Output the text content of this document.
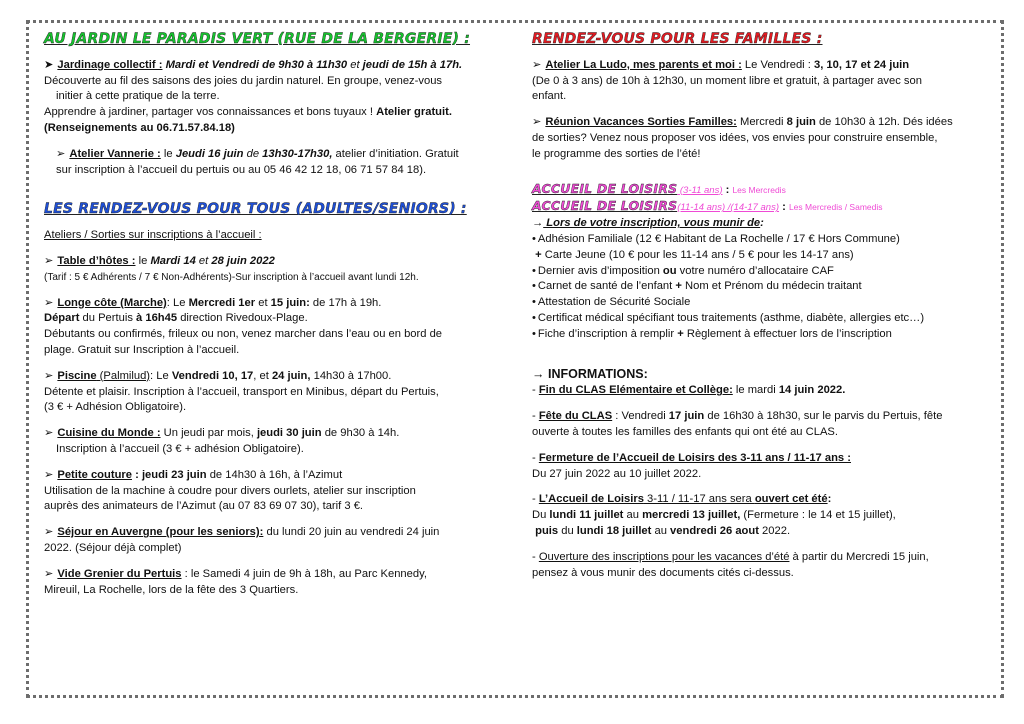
AU JARDIN LE PARADIS VERT (RUE DE LA BERGERIE) :

➤ Jardinage collectif : Mardi et Vendredi de 9h30 à 11h30 et jeudi de 15h à 17h.

Découverte au fil des saisons des joies du jardin naturel. En groupe, venez-vous

initier à cette pratique de la terre.

Apprendre à jardiner, partager vos connaissances et bons tuyaux ! Atelier gratuit.

(Renseignements au 06.71.57.84.18)

➢ Atelier Vannerie : le Jeudi 16 juin de 13h30-17h30, atelier d’initiation. Gratuit

sur inscription à l’accueil du pertuis ou au 05 46 42 12 18, 06 71 57 84 18).

LES RENDEZ-VOUS POUR TOUS (ADULTES/SENIORS) :

Ateliers / Sorties sur inscriptions à l’accueil :

➢ Table d’hôtes : le Mardi 14 et 28 juin 2022

(Tarif : 5 € Adhérents / 7 € Non-Adhérents)-Sur inscription à l’accueil avant lundi 12h.

➢ Longe côte (Marche): Le Mercredi 1er et 15 juin: de 17h à 19h.

Départ du Pertuis à 16h45 direction Rivedoux-Plage.

Débutants ou confirmés, frileux ou non, venez marcher dans l’eau ou en bord de

plage. Gratuit sur Inscription à l’accueil.

➢ Piscine (Palmilud): Le Vendredi 10, 17, et 24 juin, 14h30 à 17h00.

Détente et plaisir. Inscription à l’accueil, transport en Minibus, départ du Pertuis,

(3 € + Adhésion Obligatoire).

➢ Cuisine du Monde : Un jeudi par mois, jeudi 30 juin de 9h30 à 14h.

Inscription à l’accueil (3 € + adhésion Obligatoire).

➢ Petite couture : jeudi 23 juin de 14h30 à 16h, à l’Azimut

Utilisation de la machine à coudre pour divers ourlets, atelier sur inscription

auprès des animateurs de l’Azimut (au 07 83 69 07 30), tarif 3 €.

➢ Séjour en Auvergne (pour les seniors): du lundi 20 juin au vendredi 24 juin

2022. (Séjour déjà complet)

➢ Vide Grenier du Pertuis : le Samedi 4 juin de 9h à 18h, au Parc Kennedy,

Mireuil, La Rochelle, lors de la fête des 3 Quartiers.

RENDEZ-VOUS POUR LES FAMILLES :

➢ Atelier La Ludo, mes parents et moi : Le Vendredi : 3, 10, 17 et 24 juin

(De 0 à 3 ans) de 10h à 12h30, un moment libre et gratuit, à partager avec son

enfant.

➢ Réunion Vacances Sorties Familles: Mercredi 8 juin de 10h30 à 12h. Dés idées

de sorties? Venez nous proposer vos idées, vos envies pour construire ensemble,

le programme des sorties de l’été!

ACCUEIL DE LOISIRS (3-11 ans) : Les Mercredis

ACCUEIL DE LOISIRS(11-14 ans) /(14-17 ans) : Les Mercredis / Samedis

→ Lors de votre inscription, vous munir de:

• Adhésion Familiale (12 € Habitant de La Rochelle / 17 € Hors Commune)

+ Carte Jeune (10 € pour les 11-14 ans / 5 € pour les 14-17 ans)

• Dernier avis d’imposition ou votre numéro d’allocataire CAF

• Carnet de santé de l’enfant + Nom et Prénom du médecin traitant

• Attestation de Sécurité Sociale

• Certificat médical spécifiant tous traitements (asthme, diabète, allergies etc…)

• Fiche d’inscription à remplir + Règlement à effectuer lors de l’inscription

→ INFORMATIONS:

- Fin du CLAS Elémentaire et Collège: le mardi 14 juin 2022.

- Fête du CLAS : Vendredi 17 juin de 16h30 à 18h30, sur le parvis du Pertuis, fête

ouverte à toutes les familles des enfants qui ont été au CLAS.

- Fermeture de l’Accueil de Loisirs des 3-11 ans / 11-17 ans :

Du 27 juin 2022 au 10 juillet 2022.

- L’Accueil de Loisirs 3-11 / 11-17 ans sera ouvert cet été:

Du lundi 11 juillet au mercredi 13 juillet, (Fermeture : le 14 et 15 juillet),

puis du lundi 18 juillet au vendredi 26 aout 2022.

- Ouverture des inscriptions pour les vacances d’été à partir du Mercredi 15 juin,

pensez à vous munir des documents cités ci-dessus.
